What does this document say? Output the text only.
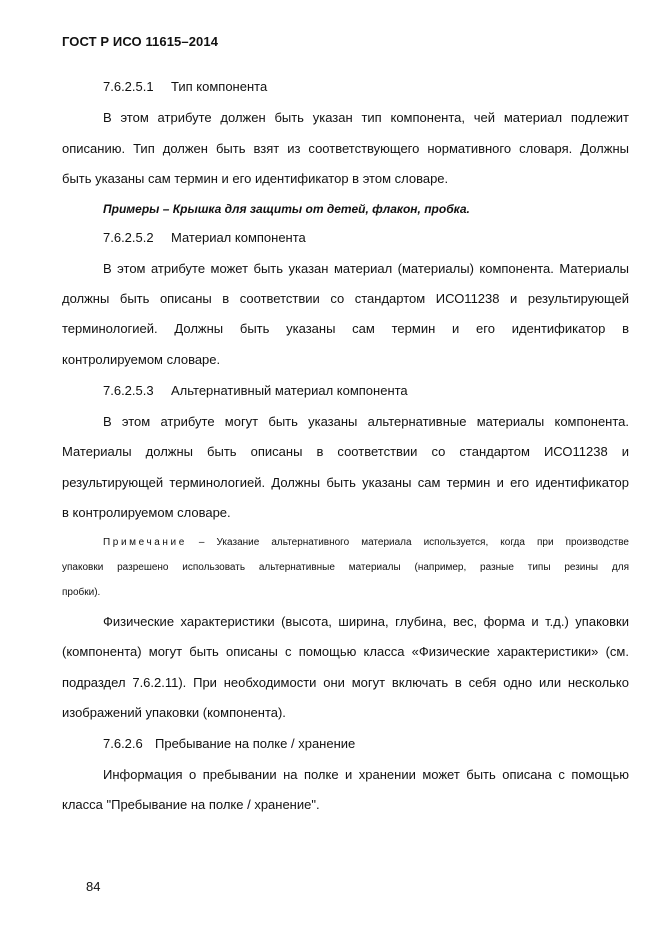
ГОСТ Р ИСО 11615–2014
7.6.2.5.1 Тип компонента
В этом атрибуте должен быть указан тип компонента, чей материал подлежит
описанию. Тип должен быть взят из соответствующего нормативного словаря. Должны
быть указаны сам термин и его идентификатор в этом словаре.
Примеры – Крышка для защиты от детей, флакон, пробка.
7.6.2.5.2 Материал компонента
В этом атрибуте может быть указан материал (материалы) компонента. Материалы
должны быть описаны в соответствии со стандартом ИСО11238 и результирующей
терминологией. Должны быть указаны сам термин и его идентификатор в
контролируемом словаре.
7.6.2.5.3 Альтернативный материал компонента
В этом атрибуте могут быть указаны альтернативные материалы компонента.
Материалы должны быть описаны в соответствии со стандартом ИСО11238 и
результирующей терминологией. Должны быть указаны сам термин и его идентификатор
в контролируемом словаре.
Примечание – Указание альтернативного материала используется, когда при производстве
упаковки разрешено использовать альтернативные материалы (например, разные типы резины для
пробки).
Физические характеристики (высота, ширина, глубина, вес, форма и т.д.) упаковки
(компонента) могут быть описаны с помощью класса «Физические характеристики» (см.
подраздел 7.6.2.11). При необходимости они могут включать в себя одно или несколько
изображений упаковки (компонента).
7.6.2.6 Пребывание на полке / хранение
Информация о пребывании на полке и хранении может быть описана с помощью
класса "Пребывание на полке / хранение".
84
